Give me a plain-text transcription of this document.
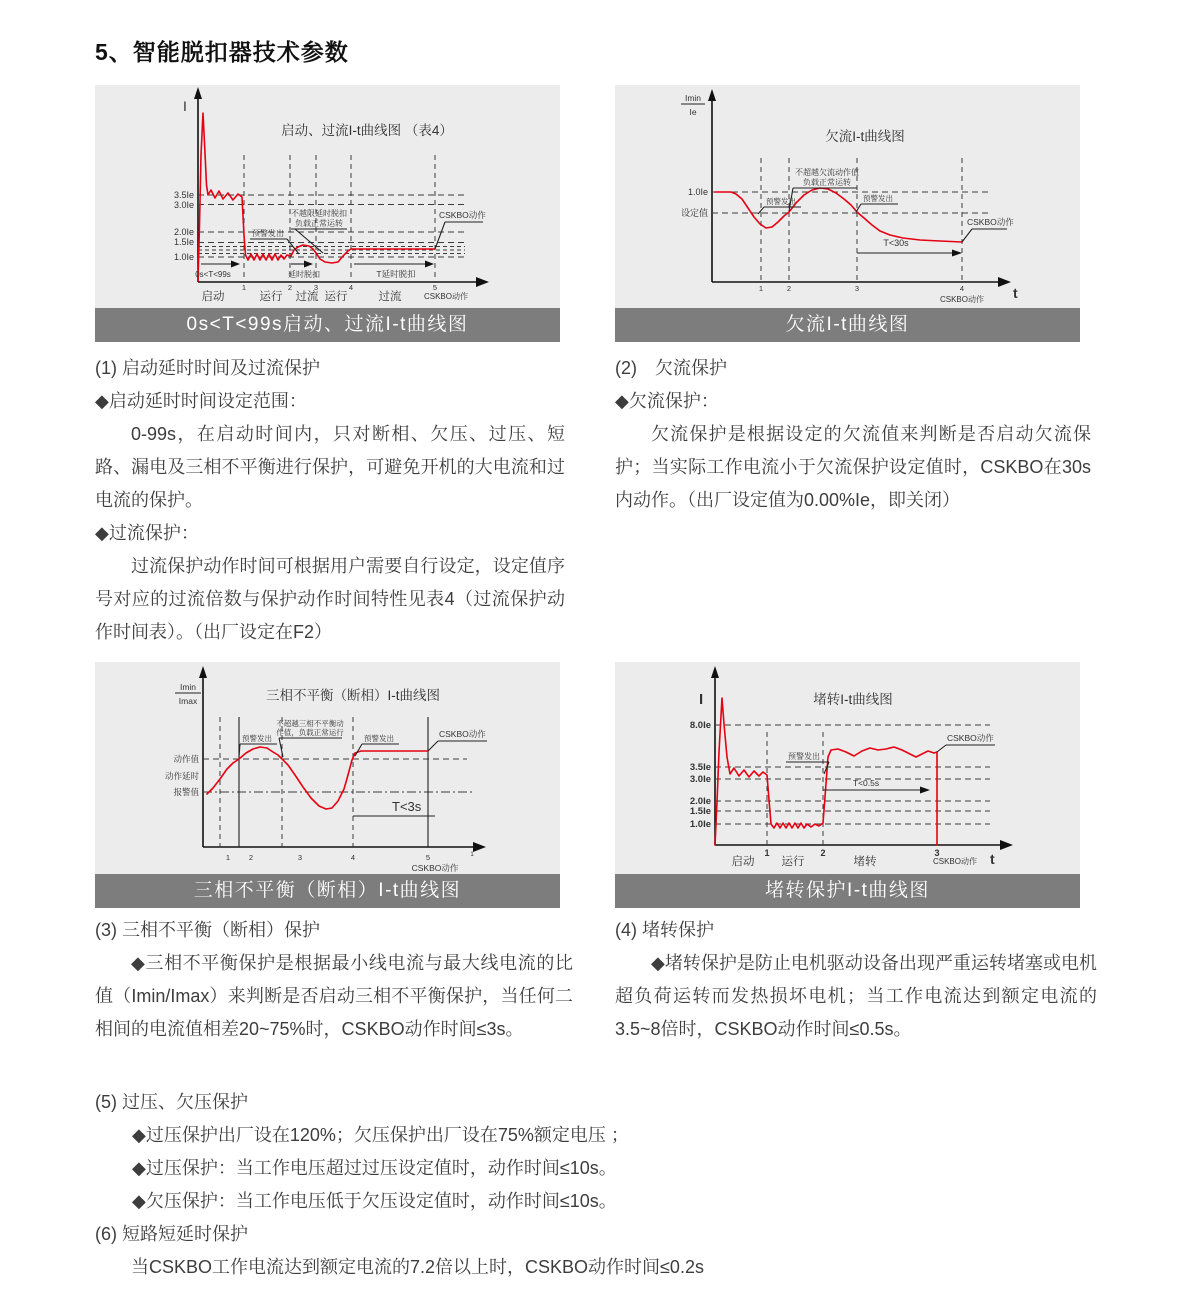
5、智能脱扣器技术参数
I
启动、过流I-t曲线图 （表4）
3.5Ie
3.0Ie
2.0Ie
1.5Ie
1.0Ie
CSKBO动作
预警发出
不越限延时脱扣
负载正常运转
0s<T<99s	延时脱扣	T延时脱扣
1	2	3	4	5
启动	运行 过流 运行	过流	CSKBO动作
0s<T<99s启动、过流I-t曲线图
Imin
Ie
欠流I-t曲线图
1.0Ie
设定值
CSKBO动作
预警发出
不超越欠流动作值
负载正常运转
预警发出
T<30s
1	2	3	4
CSKBO动作 t
欠流I-t曲线图
Imin
Imax	三相不平衡（断相）I-t曲线图
动作值
动作延时
报警值
CSKBO动作
预警发出
不超越三相不平衡动
作值，负载正常运行
预警发出
T<3s
1	2	3	4	5	1
CSKBO动作
三相不平衡（断相）I-t曲线图
I	堵转I-t曲线图
8.0Ie
3.5Ie
3.0Ie
2.0Ie
1.5Ie
1.0Ie
CSKBO动作
预警发出
T<0.5s
1	2	3
启动 运行	堵转	CSKBO动作 t
堵转保护I-t曲线图
(1) 启动延时时间及过流保护
◆启动延时时间设定范围：

0-99s，在启动时间内，只对断相、欠压、过压、短路、漏电及三相不平衡进行保护，可避免开机的大电流和过电流的保护。

◆过流保护：

过流保护动作时间可根据用户需要自行设定，设定值序号对应的过流倍数与保护动作时间特性见表4（过流保护动作时间表）。（出厂设定在F2）

(2)　欠流保护
◆欠流保护：

欠流保护是根据设定的欠流值来判断是否启动欠流保护；当实际工作电流小于欠流保护设定值时，CSKBO在30s内动作。（出厂设定值为0.00%Ie，即关闭）

(3) 三相不平衡（断相）保护

◆三相不平衡保护是根据最小线电流与最大线电流的比值（Imin/Imax）来判断是否启动三相不平衡保护，当任何二相间的电流值相差20~75%时，CSKBO动作时间≤3s。

(4) 堵转保护

◆堵转保护是防止电机驱动设备出现严重运转堵塞或电机超负荷运转而发热损坏电机；当工作电流达到额定电流的3.5~8倍时，CSKBO动作时间≤0.5s。

(5) 过压、欠压保护
◆过压保护出厂设在120%；欠压保护出厂设在75%额定电压 ；
◆过压保护：当工作电压超过过压设定值时，动作时间≤10s。
◆欠压保护：当工作电压低于欠压设定值时，动作时间≤10s。
(6) 短路短延时保护
当CSKBO工作电流达到额定电流的7.2倍以上时，CSKBO动作时间≤0.2s
